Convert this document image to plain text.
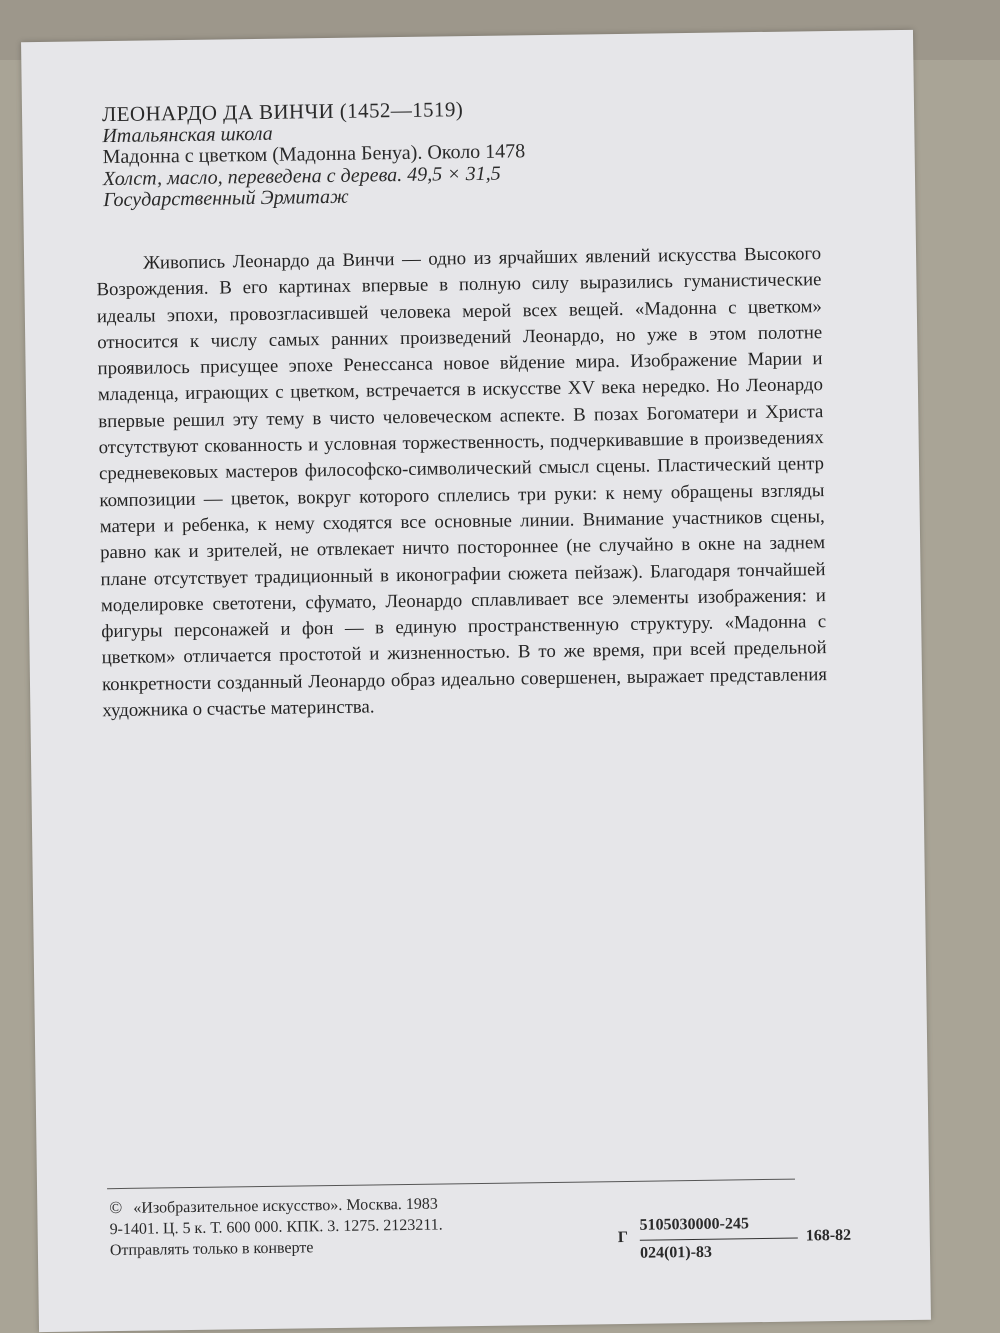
ЛЕОНАРДО ДА ВИНЧИ (1452—1519)
Итальянская школа
Мадонна с цветком (Мадонна Бенуа). Около 1478
Холст, масло, переведена с дерева. 49,5 × 31,5
Государственный Эрмитаж
Живопись Леонардо да Винчи — одно из ярчайших явлений искусства Высокого Возрождения. В его картинах впервые в полную силу выразились гуманистические идеалы эпохи, провозгласившей человека мерой всех вещей. «Мадонна с цветком» относится к числу самых ранних произведений Леонардо, но уже в этом полотне проявилось присущее эпохе Ренессанса новое вйдение мира. Изображение Марии и младенца, играющих с цветком, встречается в искусстве XV века нередко. Но Леонардо впервые решил эту тему в чисто человеческом аспекте. В позах Богоматери и Христа отсутствуют скованность и условная торжественность, подчеркивавшие в произведениях средневековых мастеров философско-символический смысл сцены. Пластический центр композиции — цветок, вокруг которого сплелись три руки: к нему обращены взгляды матери и ребенка, к нему сходятся все основные линии. Внимание участников сцены, равно как и зрителей, не отвлекает ничто постороннее (не случайно в окне на заднем плане отсутствует традиционный в иконографии сюжета пейзаж). Благодаря тончайшей моделировке светотени, сфумато, Леонардо сплавливает все элементы изображения: и фигуры персонажей и фон — в единую пространственную структуру. «Мадонна с цветком» отличается простотой и жизненностью. В то же время, при всей предельной конкретности созданный Леонардо образ идеально совершенен, выражает представления художника о счастье материнства.
© «Изобразительное искусство». Москва. 1983
9-1401. Ц. 5 к. Т. 600 000. КПК. 3. 1275. 2123211.
Отправлять только в конверте
Г
5105030000-245
024(01)-83
168-82
